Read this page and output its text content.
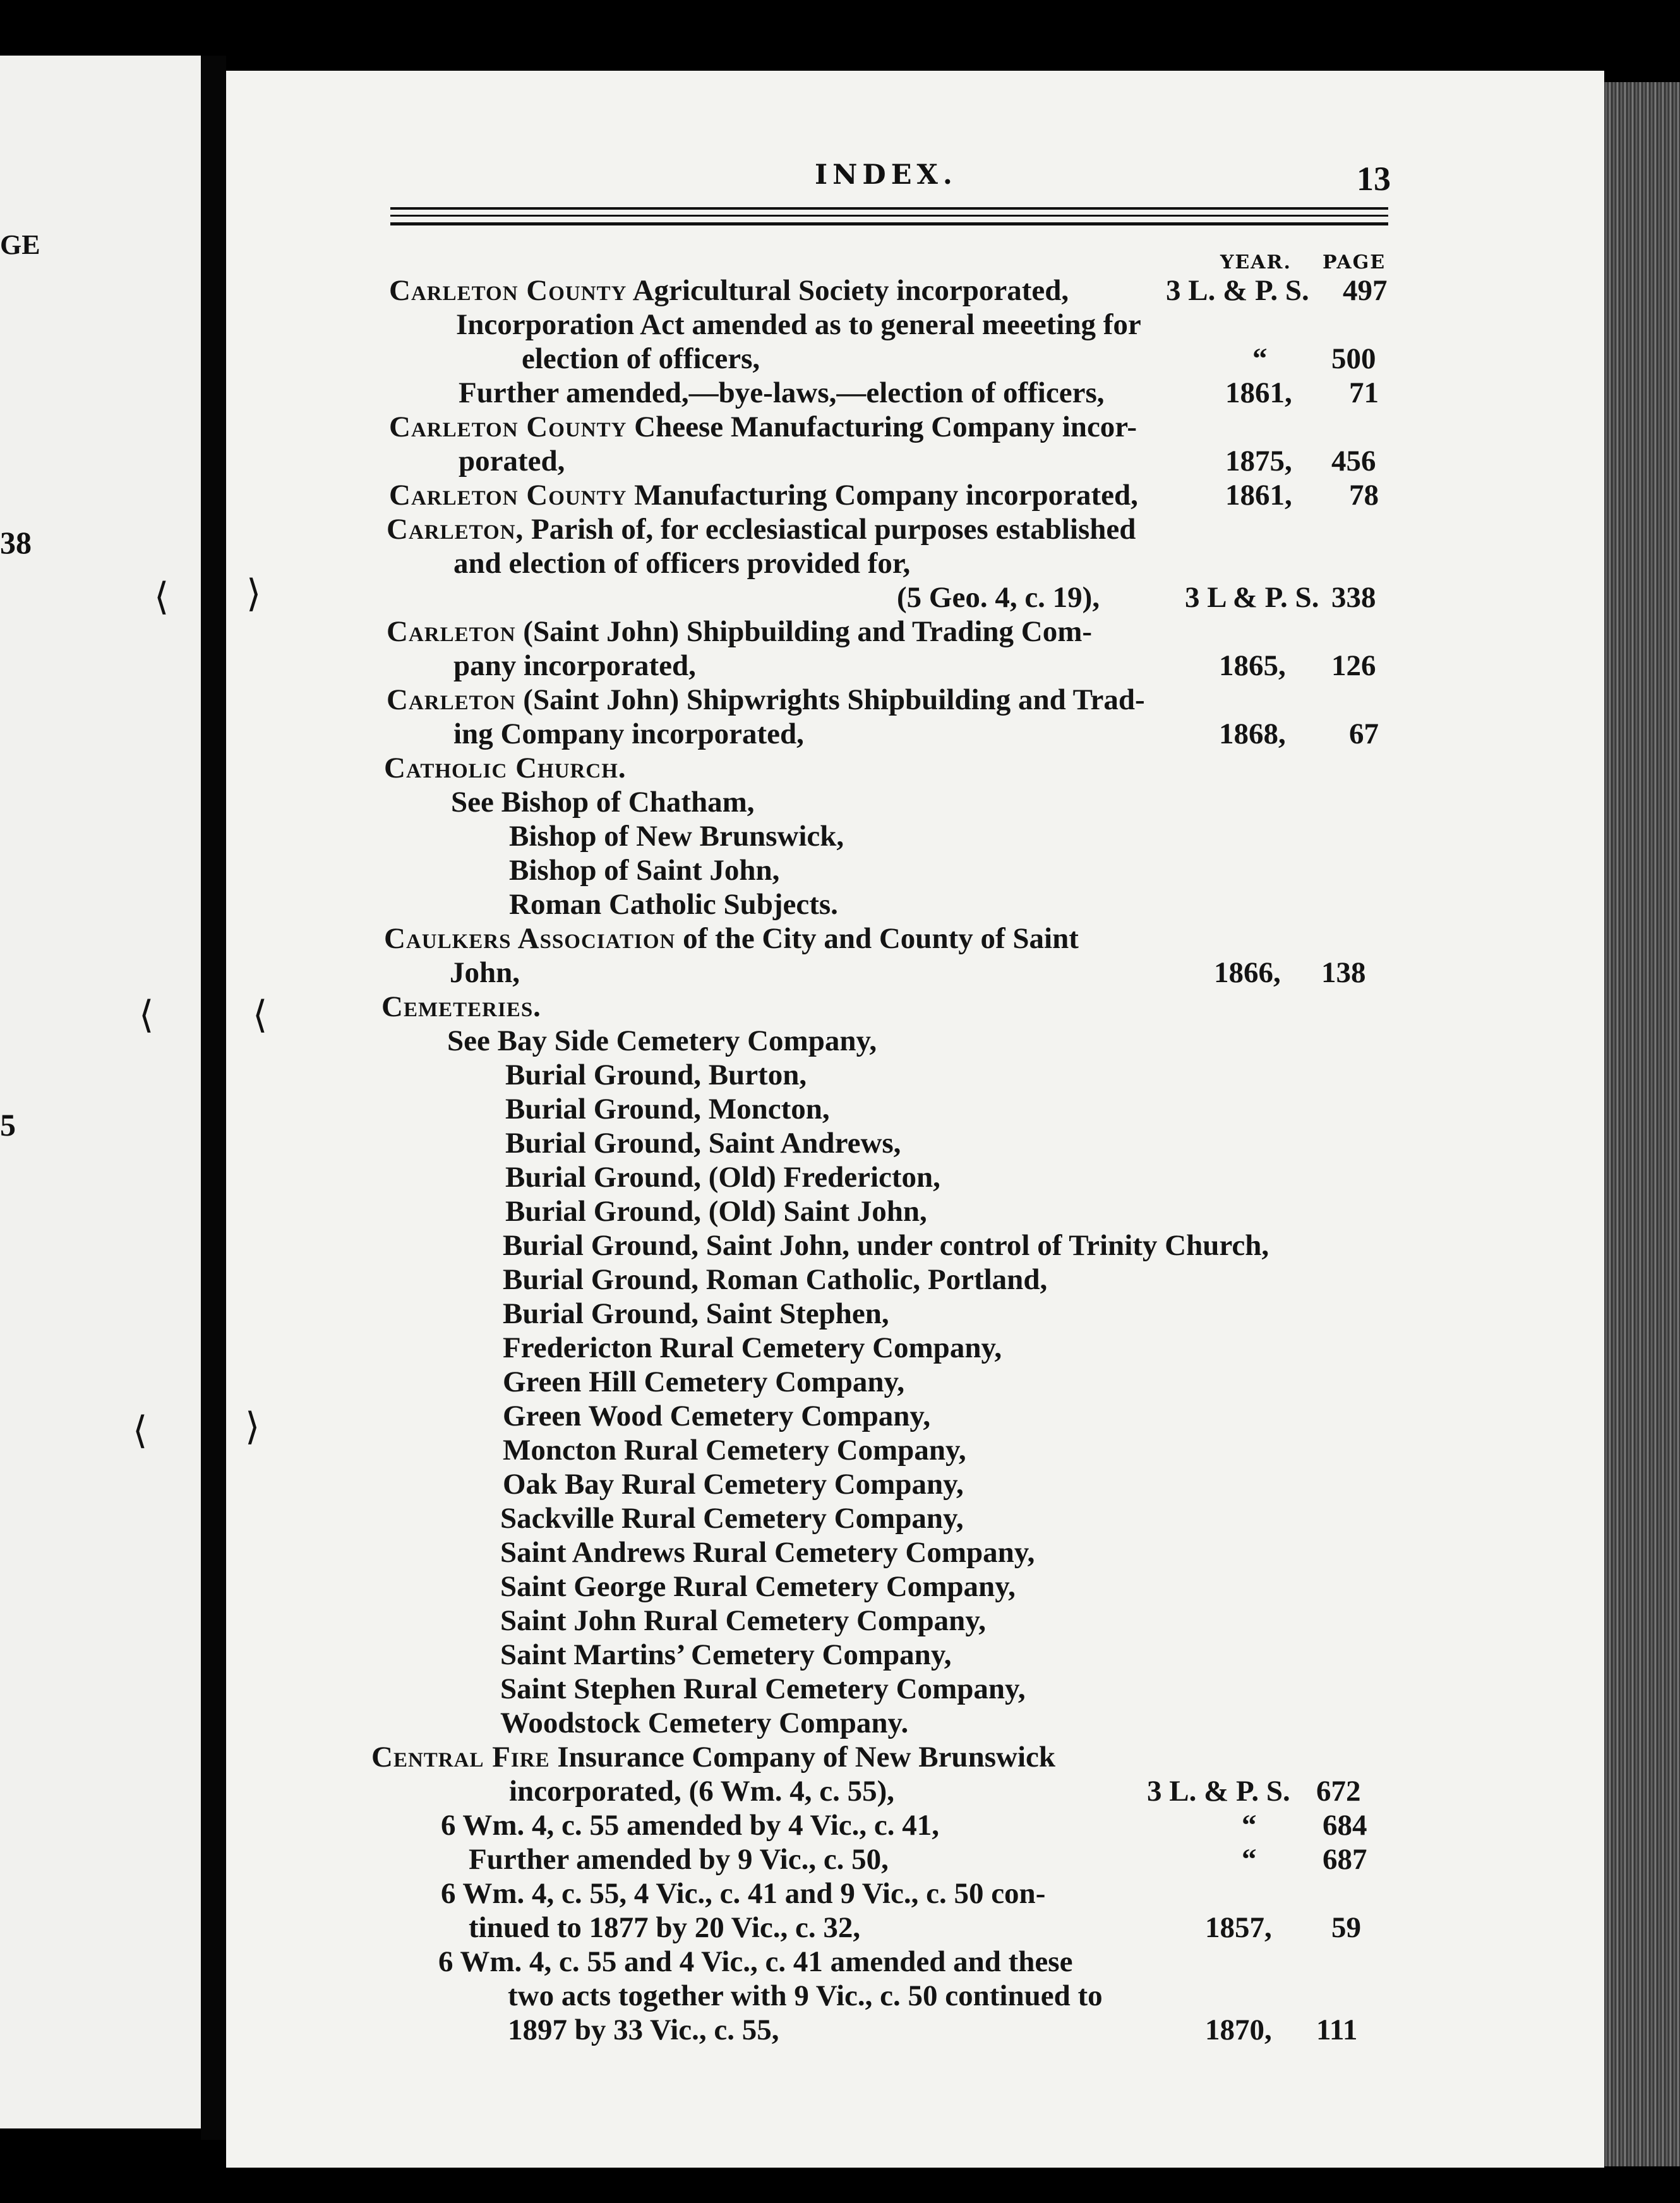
GE
38
5
⟨ ⟩
⟨	⟨
⟨	⟩
INDEX.	13
YEAR. PAGE
Carleton County Agricultural Society incorporated,	3 L. & P. S. 497
Incorporation Act amended as to general meeeting for
election of officers,	“ 500
Further amended,—bye-laws,—election of officers,	1861, 71
Carleton County Cheese Manufacturing Company incor-
porated,	1875, 456
Carleton County Manufacturing Company incorporated,	1861, 78
Carleton, Parish of, for ecclesiastical purposes established
and election of officers provided for,
(5 Geo. 4, c. 19),	3 L & P. S. 338
Carleton (Saint John) Shipbuilding and Trading Com-
pany incorporated,	1865, 126
Carleton (Saint John) Shipwrights Shipbuilding and Trad-
ing Company incorporated,	1868, 67
Catholic Church.
See Bishop of Chatham,
Bishop of New Brunswick,
Bishop of Saint John,
Roman Catholic Subjects.
Caulkers Association of the City and County of Saint
John,	1866, 138
Cemeteries.
See Bay Side Cemetery Company,
Burial Ground, Burton,
Burial Ground, Moncton,
Burial Ground, Saint Andrews,
Burial Ground, (Old) Fredericton,
Burial Ground, (Old) Saint John,
Burial Ground, Saint John, under control of Trinity Church,
Burial Ground, Roman Catholic, Portland,
Burial Ground, Saint Stephen,
Fredericton Rural Cemetery Company,
Green Hill Cemetery Company,
Green Wood Cemetery Company,
Moncton Rural Cemetery Company,
Oak Bay Rural Cemetery Company,
Sackville Rural Cemetery Company,
Saint Andrews Rural Cemetery Company,
Saint George Rural Cemetery Company,
Saint John Rural Cemetery Company,
Saint Martins’ Cemetery Company,
Saint Stephen Rural Cemetery Company,
Woodstock Cemetery Company.
Central Fire Insurance Company of New Brunswick
incorporated, (6 Wm. 4, c. 55),	3 L. & P. S. 672
6 Wm. 4, c. 55 amended by 4 Vic., c. 41,	“ 684
Further amended by 9 Vic., c. 50,	“ 687
6 Wm. 4, c. 55, 4 Vic., c. 41 and 9 Vic., c. 50 con-
tinued to 1877 by 20 Vic., c. 32,	1857, 59
6 Wm. 4, c. 55 and 4 Vic., c. 41 amended and these
two acts together with 9 Vic., c. 50 continued to
1897 by 33 Vic., c. 55,	1870, 111
